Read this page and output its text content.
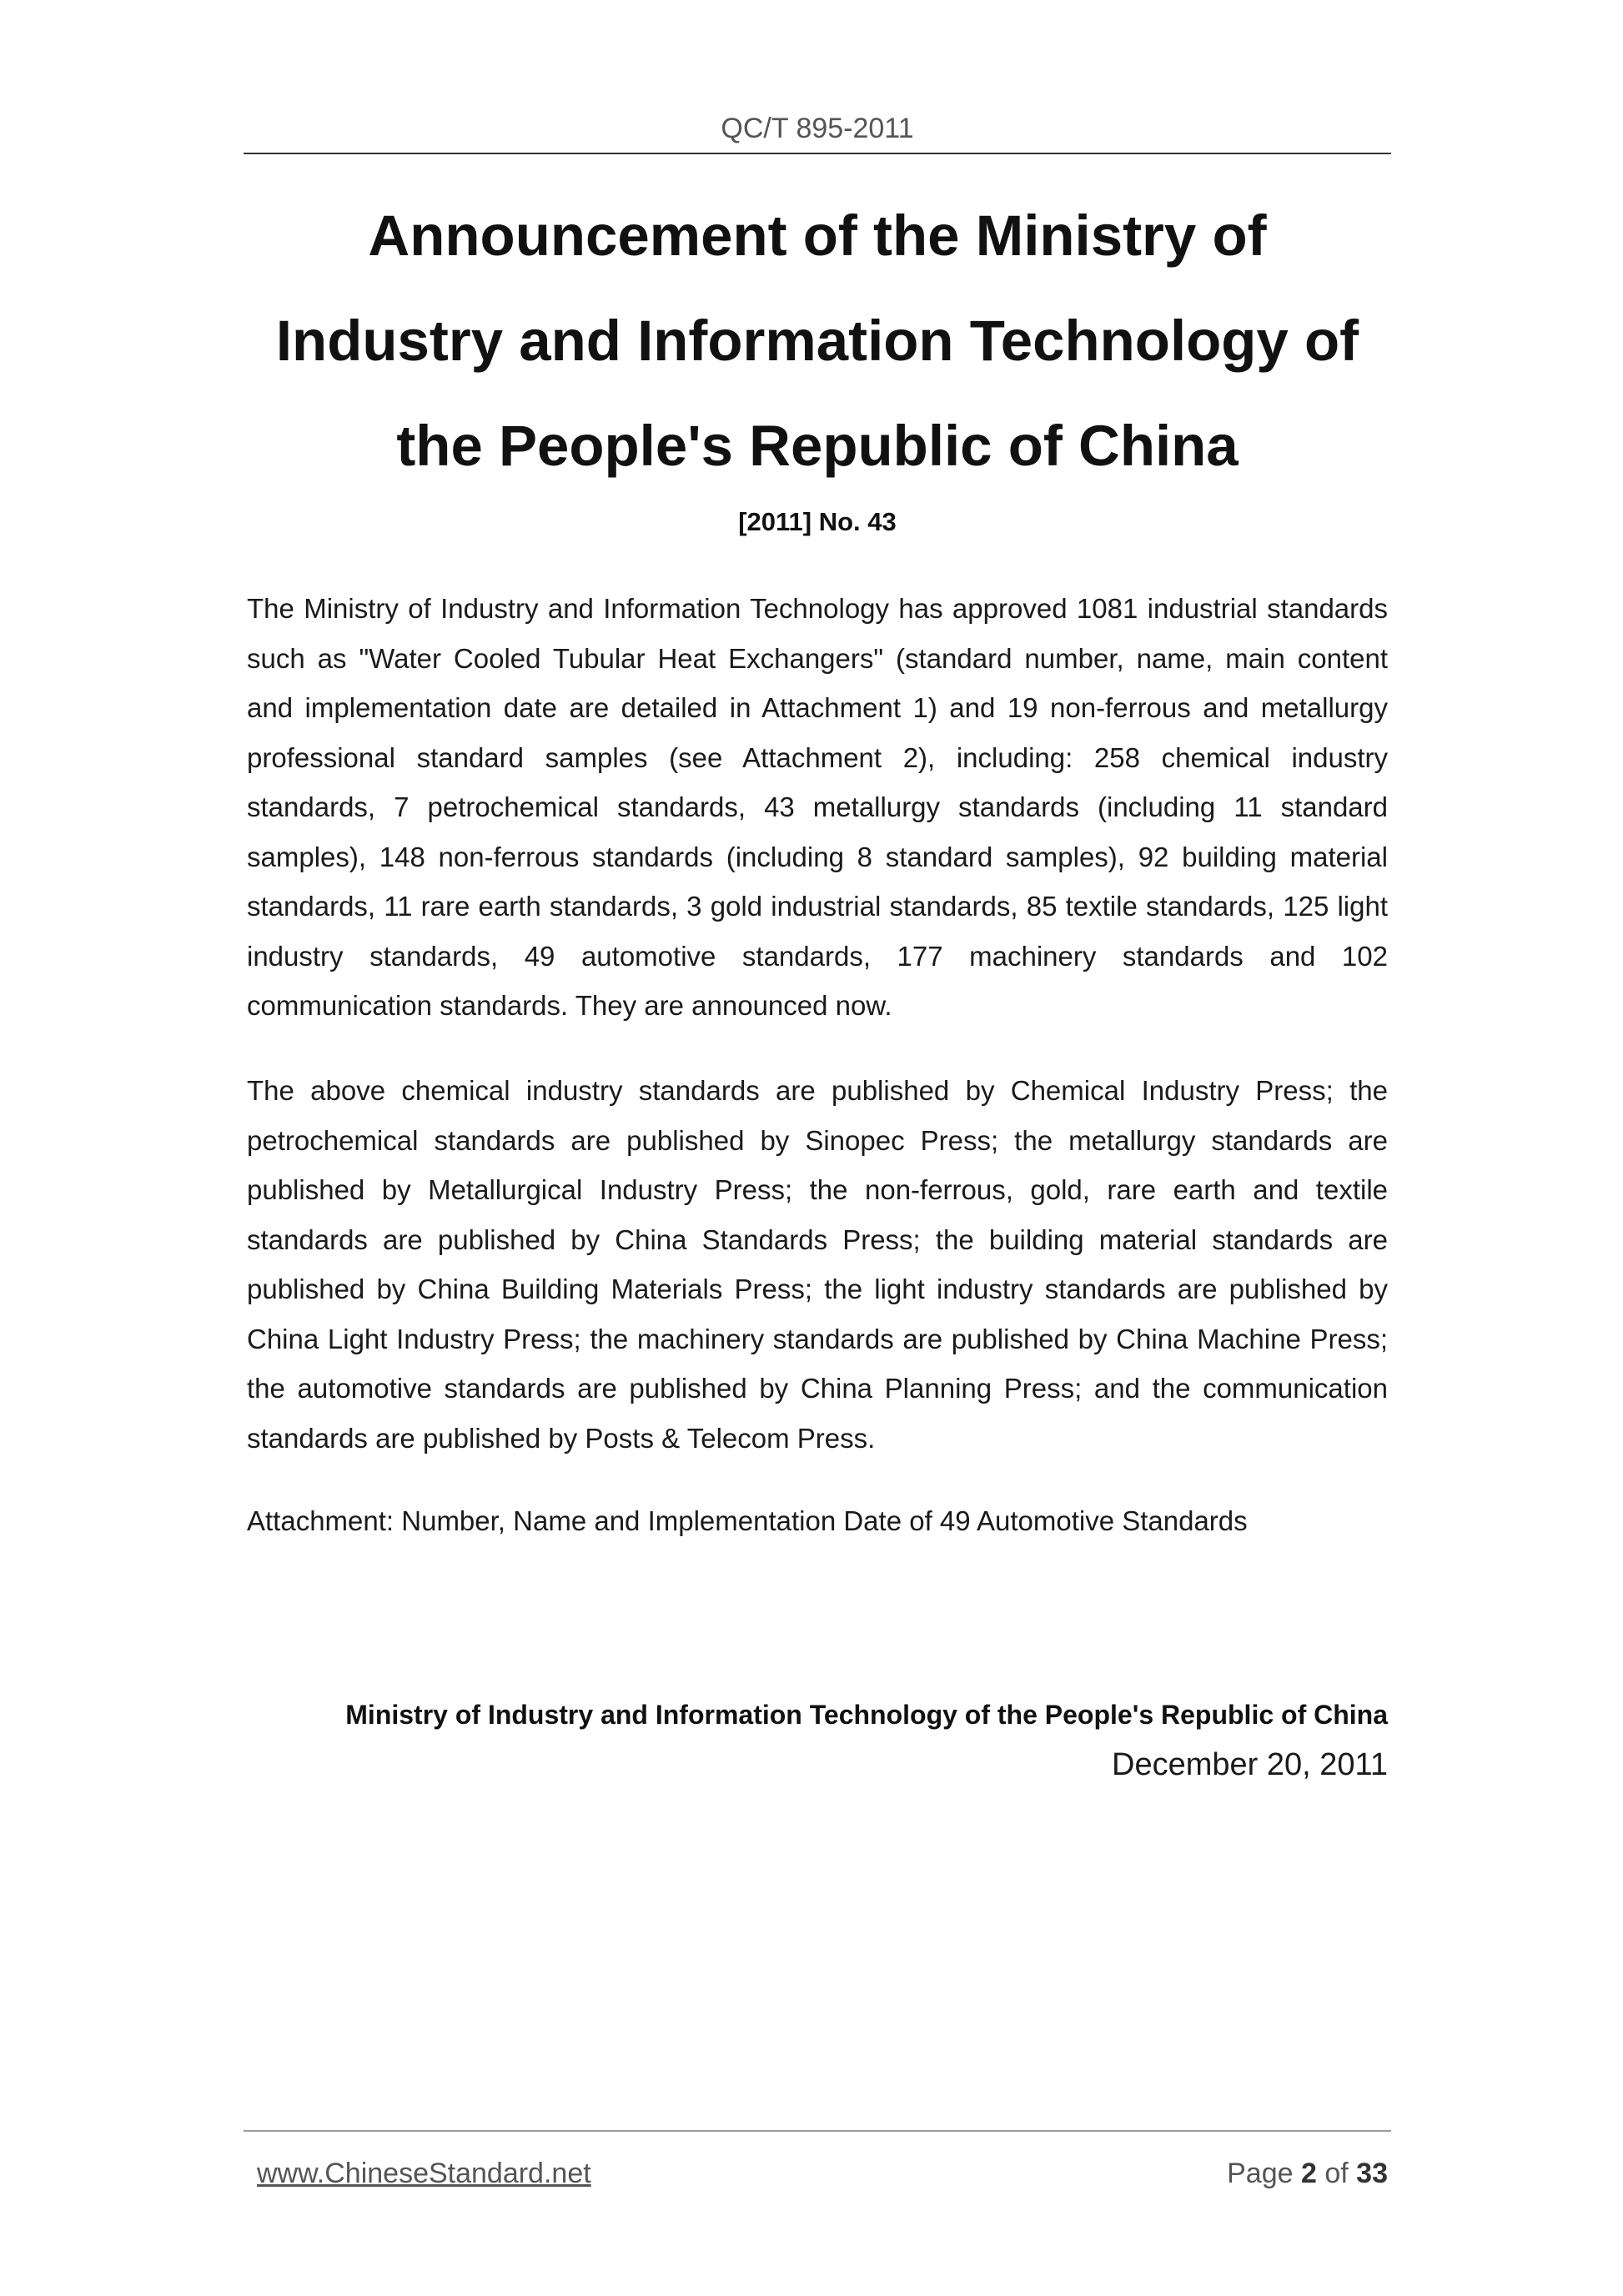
QC/T 895-2011
Announcement of the Ministry of
Industry and Information Technology of
the People's Republic of China
[2011] No. 43

The Ministry of Industry and Information Technology has approved 1081 industrial standards such as "Water Cooled Tubular Heat Exchangers" (standard number, name, main content and implementation date are detailed in Attachment 1) and 19 non-ferrous and metallurgy professional standard samples (see Attachment 2), including: 258 chemical industry standards, 7 petrochemical standards, 43 metallurgy standards (including 11 standard samples), 148 non-ferrous standards (including 8 standard samples), 92 building material standards, 11 rare earth standards, 3 gold industrial standards, 85 textile standards, 125 light industry standards, 49 automotive standards, 177 machinery standards and 102 communication standards. They are announced now.

The above chemical industry standards are published by Chemical Industry Press; the petrochemical standards are published by Sinopec Press; the metallurgy standards are published by Metallurgical Industry Press; the non-ferrous, gold, rare earth and textile standards are published by China Standards Press; the building material standards are published by China Building Materials Press; the light industry standards are published by China Light Industry Press; the machinery standards are published by China Machine Press; the automotive standards are published by China Planning Press; and the communication standards are published by Posts & Telecom Press.

Attachment: Number, Name and Implementation Date of 49 Automotive Standards

Ministry of Industry and Information Technology of the People's Republic of China
December 20, 2011
www.ChineseStandard.net	Page 2 of 33
